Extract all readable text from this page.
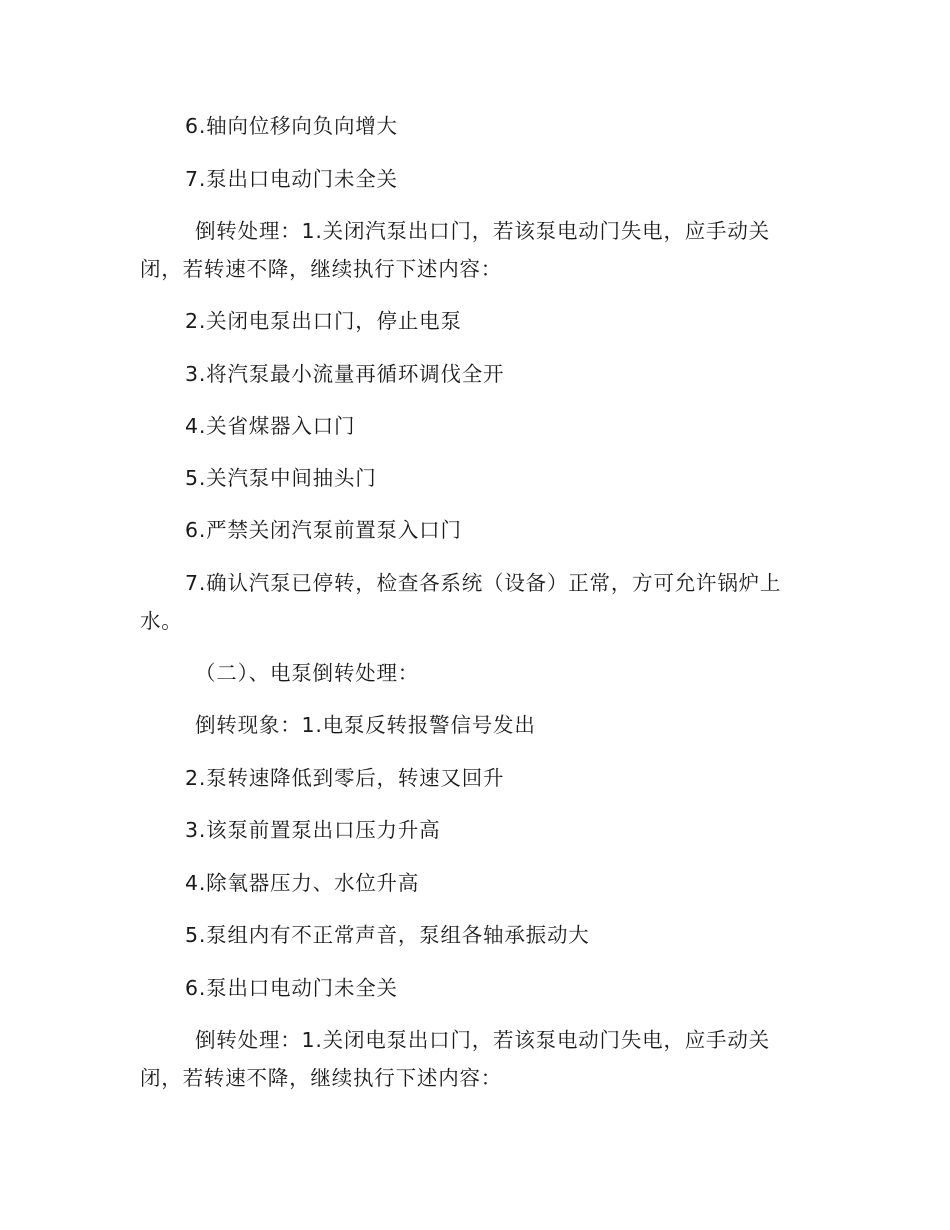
6.轴向位移向负向增大

7.泵出口电动门未全关

倒转处理：1.关闭汽泵出口门，若该泵电动门失电，应手动关

闭，若转速不降，继续执行下述内容：

2.关闭电泵出口门，停止电泵

3.将汽泵最小流量再循环调伐全开

4.关省煤器入口门

5.关汽泵中间抽头门

6.严禁关闭汽泵前置泵入口门

7.确认汽泵已停转，检查各系统（设备）正常，方可允许锅炉上

水。

（二）、电泵倒转处理：

倒转现象：1.电泵反转报警信号发出

2.泵转速降低到零后，转速又回升

3.该泵前置泵出口压力升高

4.除氧器压力、水位升高

5.泵组内有不正常声音，泵组各轴承振动大

6.泵出口电动门未全关

倒转处理：1.关闭电泵出口门，若该泵电动门失电，应手动关

闭，若转速不降，继续执行下述内容：
